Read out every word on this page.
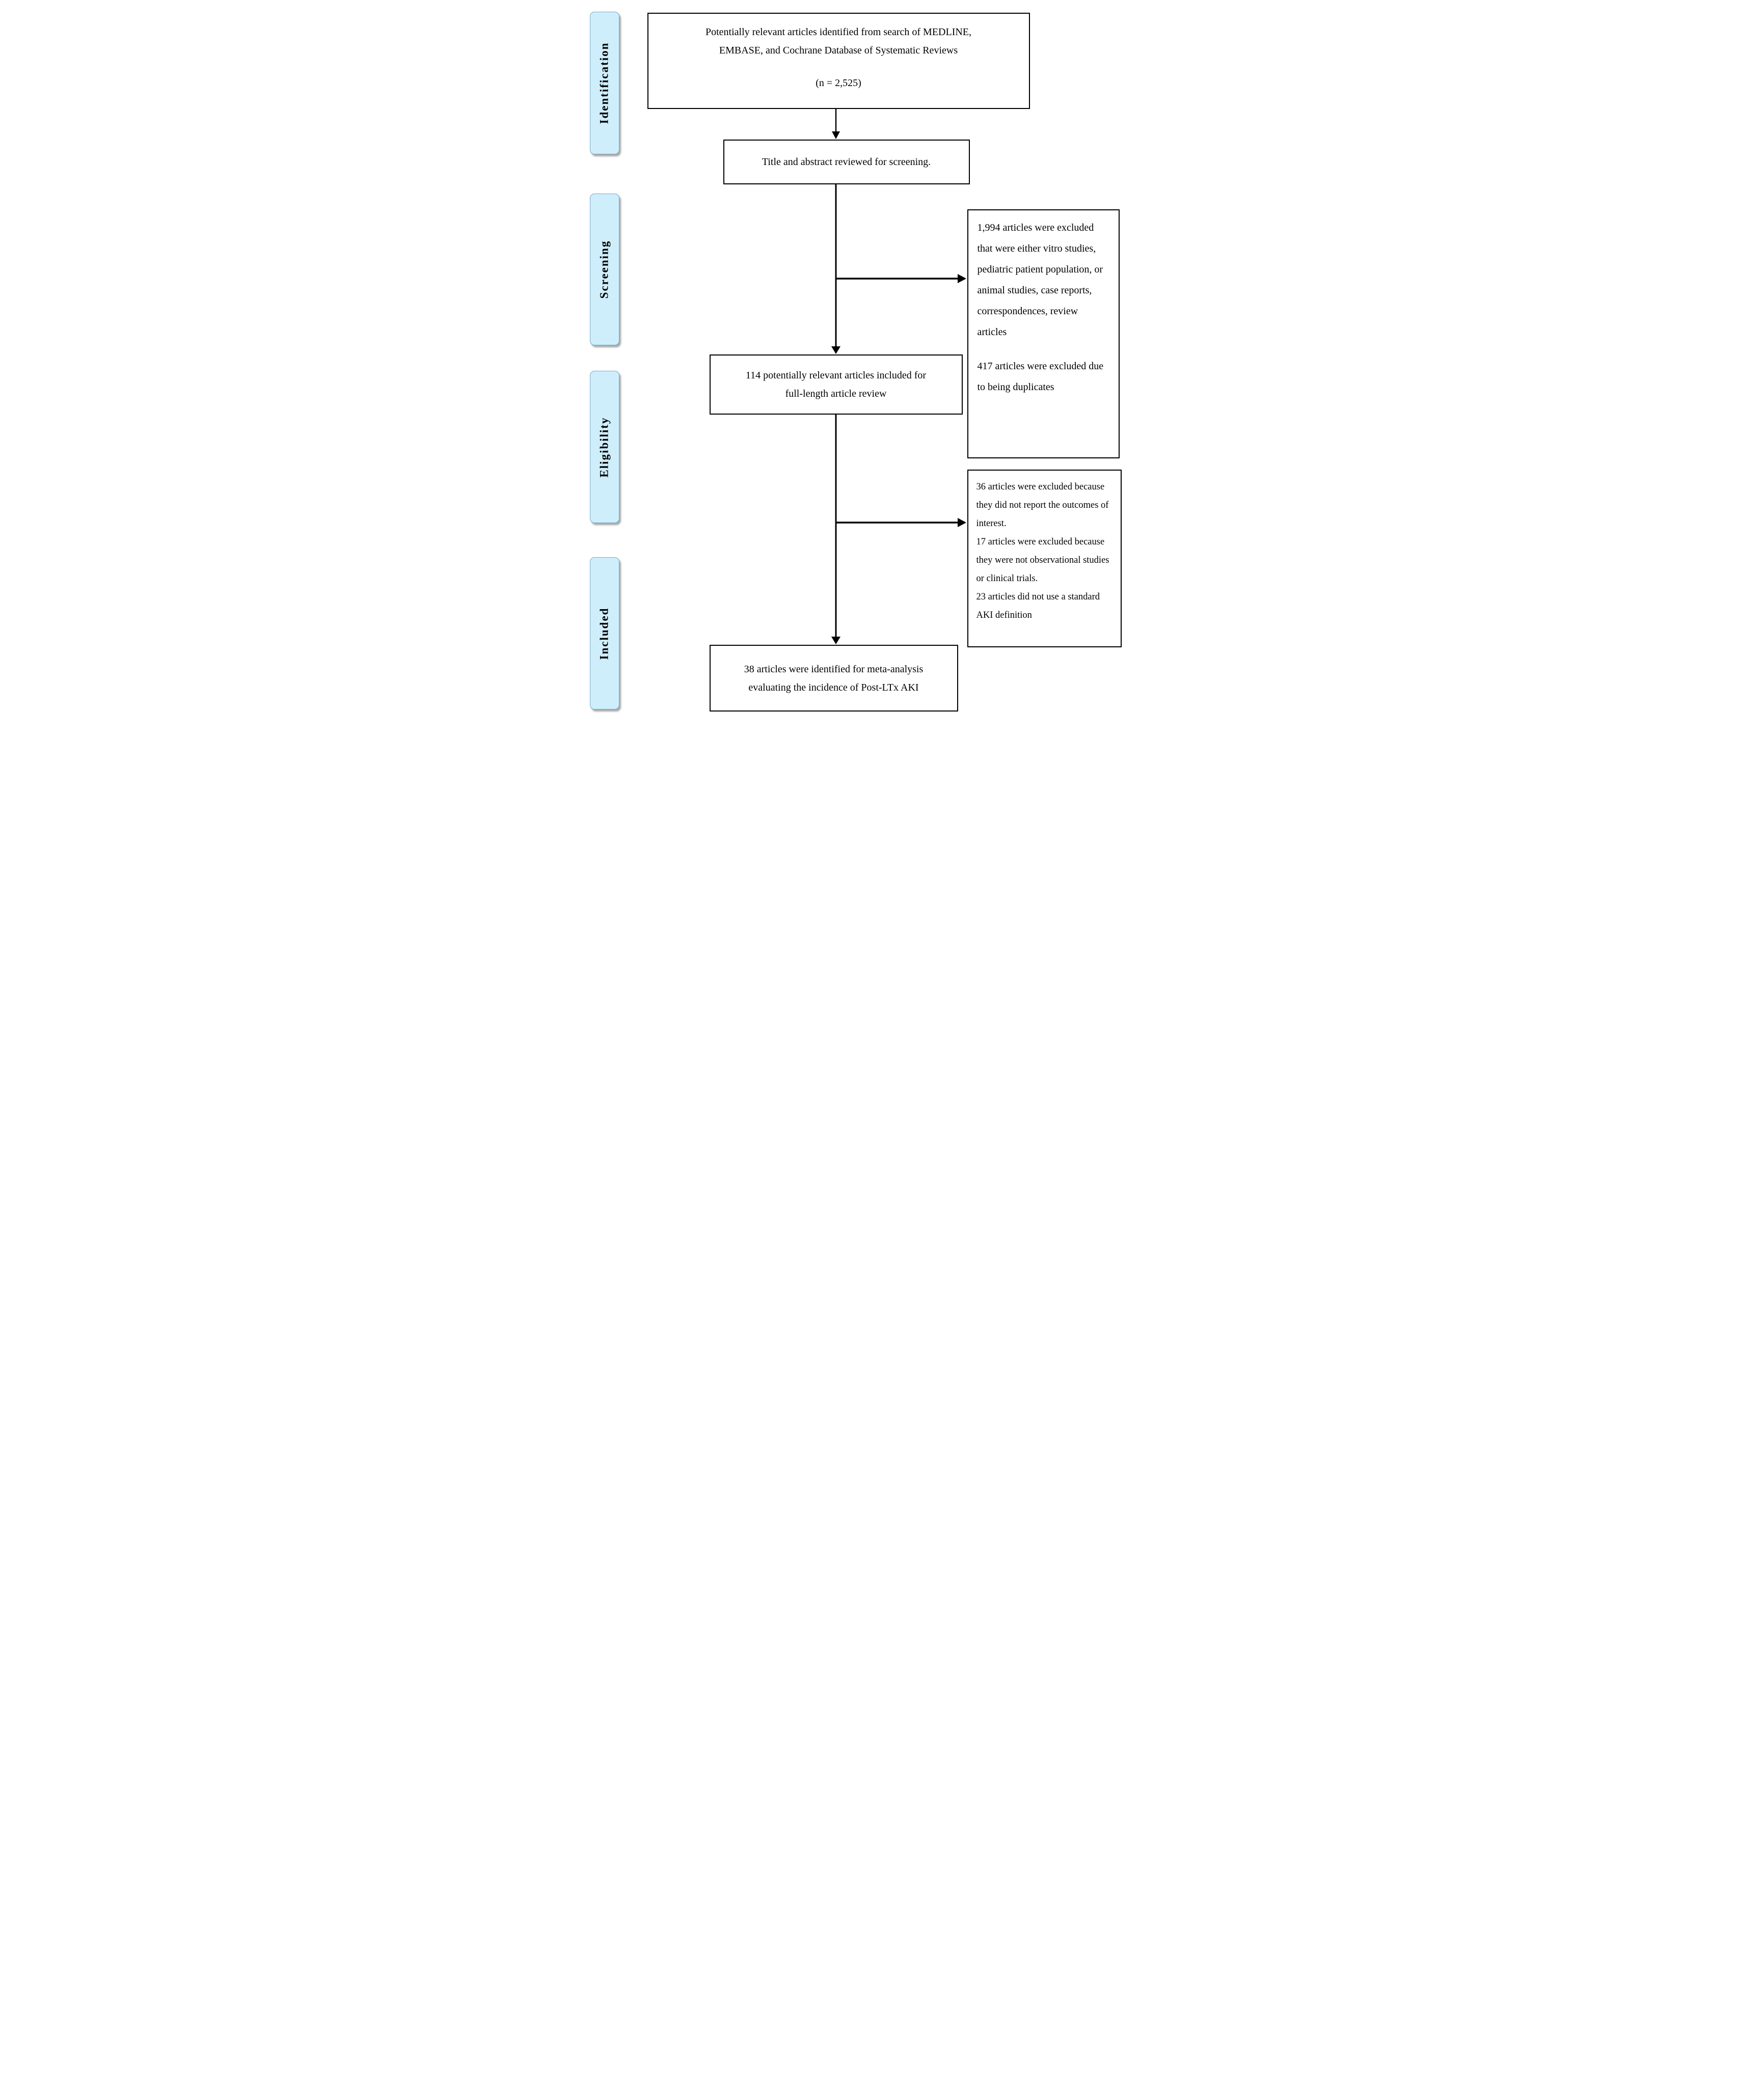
Identification
Screening
Eligibility
Included
Potentially relevant articles identified from search of MEDLINE,
EMBASE, and Cochrane Database of Systematic Reviews
(n = 2,525)
Title and abstract reviewed for screening.
1,994 articles were excluded that were either vitro studies, pediatric patient population, or animal studies, case reports, correspondences, review articles
417 articles were excluded due to being duplicates
114 potentially relevant articles included for
full-length article review
36 articles were excluded because they did not report the outcomes of interest.
17 articles were excluded because they were not observational studies or clinical trials.
23 articles did not use a standard AKI definition
38 articles were identified for meta-analysis
evaluating the incidence of Post-LTx AKI
